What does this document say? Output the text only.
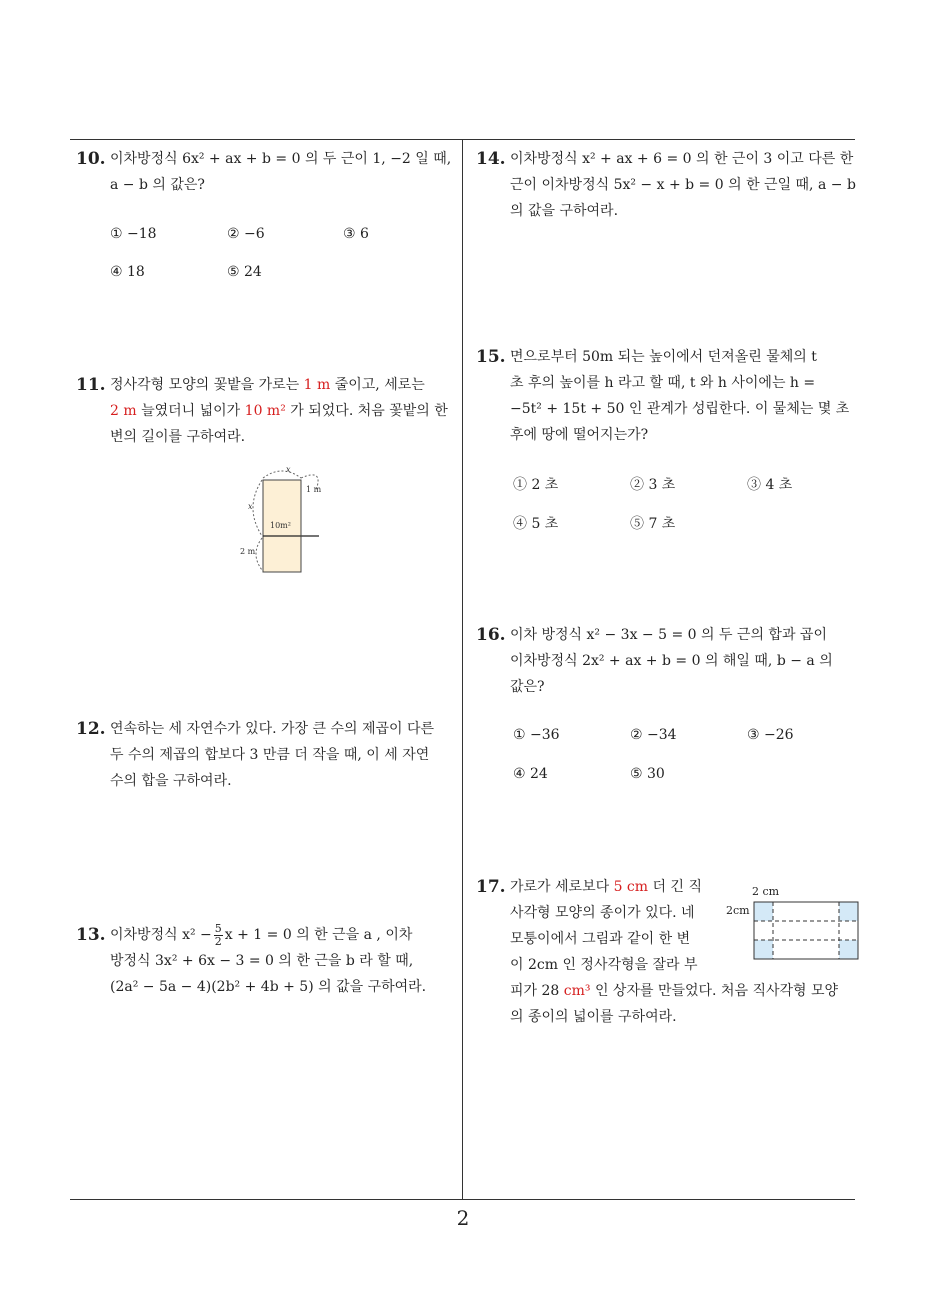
10. 이차방정식 6x² + ax + b = 0 의 두 근이 1, −2 일 때,
a − b 의 값은?
① −18	② −6	③ 6
④ 18	⑤ 24
11. 정사각형 모양의 꽃밭을 가로는 1 m 줄이고, 세로는
2 m 늘였더니 넓이가 10 m² 가 되었다. 처음 꽃밭의 한
변의 길이를 구하여라.
x
1 m
x
10m²
2 m
12. 연속하는 세 자연수가 있다. 가장 큰 수의 제곱이 다른
두 수의 제곱의 합보다 3 만큼 더 작을 때, 이 세 자연
수의 합을 구하여라.
13. 이차방정식 $x^2 - \frac{5}{2}$ x + 1 = 0 의 한 근을 a , 이차
방정식 3x² + 6x − 3 = 0 의 한 근을 b 라 할 때,
(2a² − 5a − 4)(2b² + 4b + 5) 의 값을 구하여라.
14. 이차방정식 x² + ax + 6 = 0 의 한 근이 3 이고 다른 한
근이 이차방정식 5x² − x + b = 0 의 한 근일 때, a − b
의 값을 구하여라.
15. 면으로부터 50m 되는 높이에서 던져올린 물체의 t
초 후의 높이를 h 라고 할 때, t 와 h 사이에는 h =
−5t² + 15t + 50 인 관계가 성립한다. 이 물체는 몇 초
후에 땅에 떨어지는가?
① 2 초	② 3 초	③ 4 초
④ 5 초	⑤ 7 초
16. 이차 방정식 x² − 3x − 5 = 0 의 두 근의 합과 곱이
이차방정식 2x² + ax + b = 0 의 해일 때, b − a 의
값은?
① −36	② −34	③ −26
④ 24	⑤ 30
17. 가로가 세로보다 5 cm 더 긴 직
사각형 모양의 종이가 있다. 네
모퉁이에서 그림과 같이 한 변
이 2cm 인 정사각형을 잘라 부
피가 28 cm³ 인 상자를 만들었다. 처음 직사각형 모양
의 종이의 넓이를 구하여라.
2 cm
2cm
2
